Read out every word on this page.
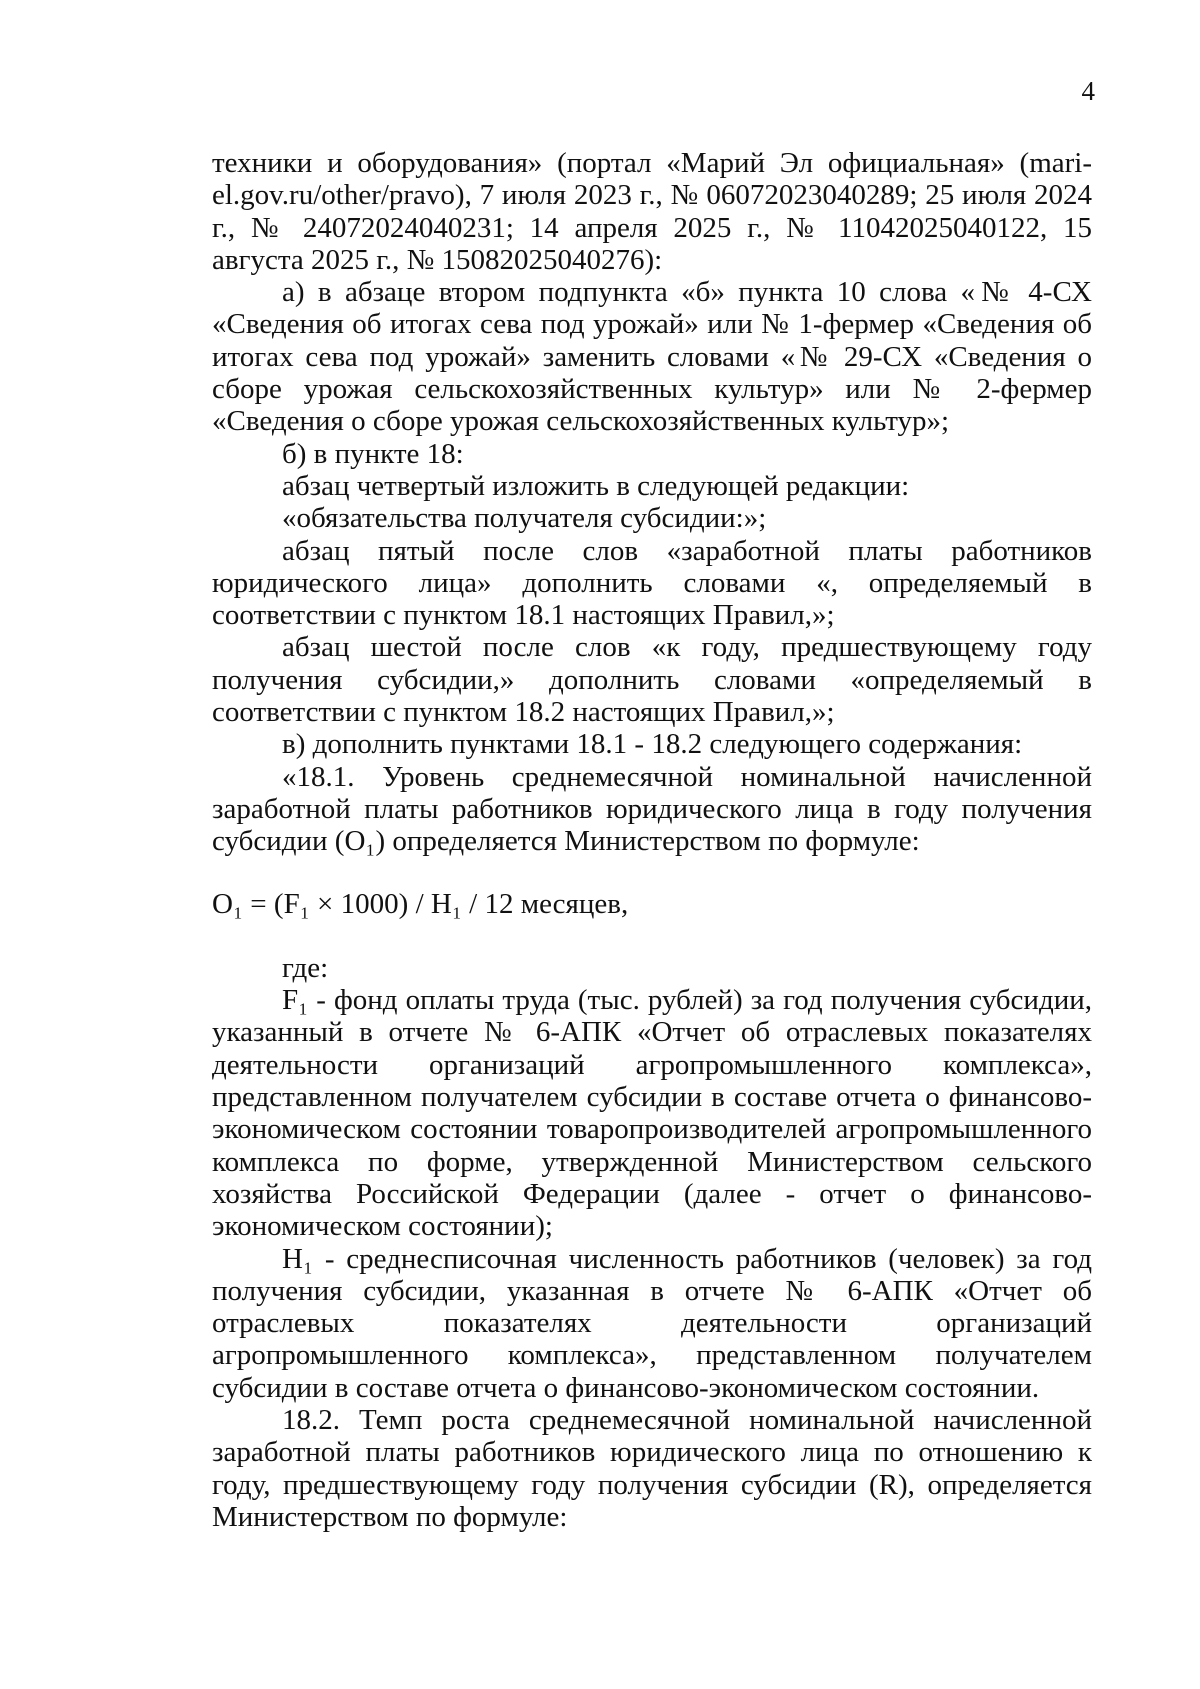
4

техники и оборудования» (портал «Марий Эл официальная» (mari-el.gov.ru/other/pravo), 7 июля 2023 г., № 06072023040289; 25 июля 2024 г., № 24072024040231; 14 апреля 2025 г., № 11042025040122, 15 августа 2025 г., № 15082025040276):

а) в абзаце втором подпункта «б» пункта 10 слова «№ 4-СХ «Сведения об итогах сева под урожай» или № 1-фермер «Сведения об итогах сева под урожай» заменить словами «№ 29-СХ «Сведения о сборе урожая сельскохозяйственных культур» или № 2-фермер «Сведения о сборе урожая сельскохозяйственных культур»;

б) в пункте 18:

абзац четвертый изложить в следующей редакции:

«обязательства получателя субсидии:»;

абзац пятый после слов «заработной платы работников юридического лица» дополнить словами «, определяемый в соответствии с пунктом 18.1 настоящих Правил,»;

абзац шестой после слов «к году, предшествующему году получения субсидии,» дополнить словами «определяемый в соответствии с пунктом 18.2 настоящих Правил,»;

в) дополнить пунктами 18.1 - 18.2 следующего содержания:

«18.1. Уровень среднемесячной номинальной начисленной заработной платы работников юридического лица в году получения субсидии (О₁) определяется Министерством по формуле:

О₁ = (F₁ × 1000) / Н₁ / 12 месяцев,

где:

F₁ - фонд оплаты труда (тыс. рублей) за год получения субсидии, указанный в отчете № 6-АПК «Отчет об отраслевых показателях деятельности организаций агропромышленного комплекса», представленном получателем субсидии в составе отчета о финансово-экономическом состоянии товаропроизводителей агропромышленного комплекса по форме, утвержденной Министерством сельского хозяйства Российской Федерации (далее - отчет о финансово-экономическом состоянии);

Н₁ - среднесписочная численность работников (человек) за год получения субсидии, указанная в отчете № 6-АПК «Отчет об отраслевых показателях деятельности организаций агропромышленного комплекса», представленном получателем субсидии в составе отчета о финансово-экономическом состоянии.

18.2. Темп роста среднемесячной номинальной начисленной заработной платы работников юридического лица по отношению к году, предшествующему году получения субсидии (R), определяется Министерством по формуле:
